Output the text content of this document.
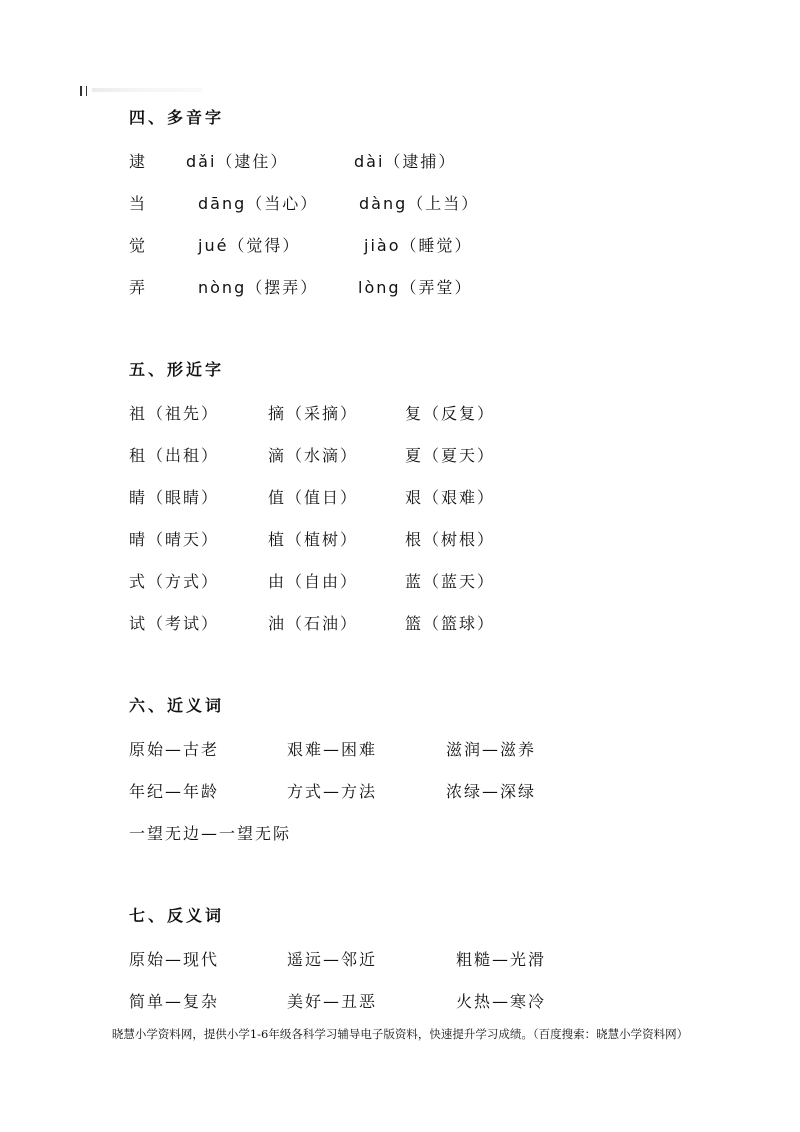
四、多音字
逮 dǎi（逮住）	dài（逮捕）
当	dāng（当心）	dàng（上当）
觉	jué（觉得）	jiào（睡觉）
弄	nòng（摆弄） lòng（弄堂）
五、形近字
祖（祖先）	摘（采摘）	复（反复）
租（出租）	滴（水滴）	夏（夏天）
睛（眼睛）	值（值日）	艰（艰难）
晴（晴天）	植（植树）	根（树根）
式（方式）	由（自由）	蓝（蓝天）
试（考试）	油（石油）	篮（篮球）
六、近义词
原始—古老	艰难—困难	滋润—滋养
年纪—年龄	方式—方法	浓绿—深绿
一望无边—一望无际
七、反义词
原始—现代	遥远—邻近	粗糙—光滑
简单—复杂	美好—丑恶	火热—寒冷
晓慧小学资料网，提供小学1-6年级各科学习辅导电子版资料，快速提升学习成绩。（百度搜索：晓慧小学资料网）
